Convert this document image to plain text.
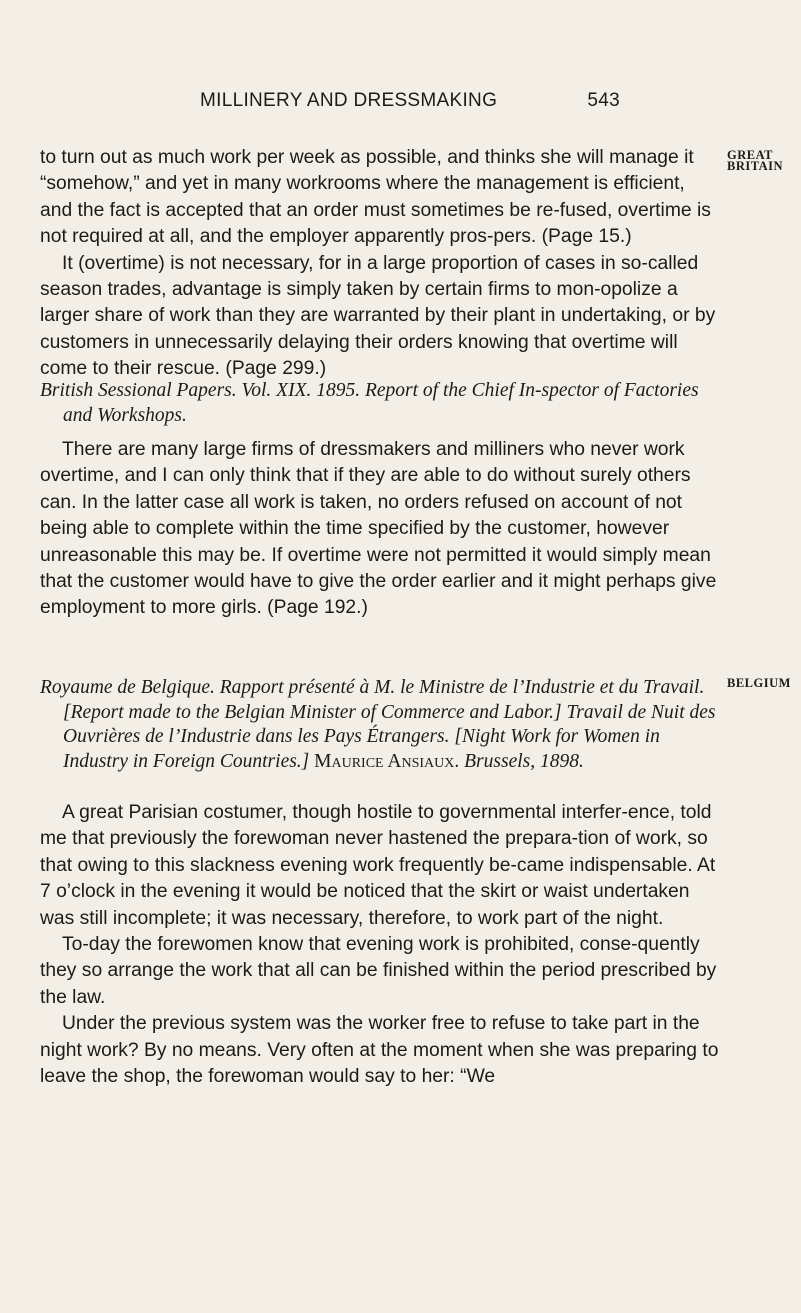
MILLINERY AND DRESSMAKING	543
GREAT
BRITAIN
BELGIUM

to turn out as much work per week as possible, and thinks she will manage it “somehow,” and yet in many workrooms where the management is efficient, and the fact is accepted that an order must sometimes be re-fused, overtime is not required at all, and the employer apparently pros-pers. (Page 15.)

It (overtime) is not necessary, for in a large proportion of cases in so-called season trades, advantage is simply taken by certain firms to mon-opolize a larger share of work than they are warranted by their plant in undertaking, or by customers in unnecessarily delaying their orders knowing that overtime will come to their rescue. (Page 299.)

British Sessional Papers. Vol. XIX. 1895. Report of the Chief In-spector of Factories and Workshops.

There are many large firms of dressmakers and milliners who never work overtime, and I can only think that if they are able to do without surely others can. In the latter case all work is taken, no orders refused on account of not being able to complete within the time specified by the customer, however unreasonable this may be. If overtime were not permitted it would simply mean that the customer would have to give the order earlier and it might perhaps give employment to more girls. (Page 192.)

Royaume de Belgique. Rapport présenté à M. le Ministre de l’Industrie et du Travail. [Report made to the Belgian Minister of Commerce and Labor.] Travail de Nuit des Ouvrières de l’Industrie dans les Pays Étrangers. [Night Work for Women in Industry in Foreign Countries.] Maurice Ansiaux. Brussels, 1898.

A great Parisian costumer, though hostile to governmental interfer-ence, told me that previously the forewoman never hastened the prepara-tion of work, so that owing to this slackness evening work frequently be-came indispensable. At 7 o’clock in the evening it would be noticed that the skirt or waist undertaken was still incomplete; it was necessary, therefore, to work part of the night.

To-day the forewomen know that evening work is prohibited, conse-quently they so arrange the work that all can be finished within the period prescribed by the law.

Under the previous system was the worker free to refuse to take part in the night work? By no means. Very often at the moment when she was preparing to leave the shop, the forewoman would say to her: “We
